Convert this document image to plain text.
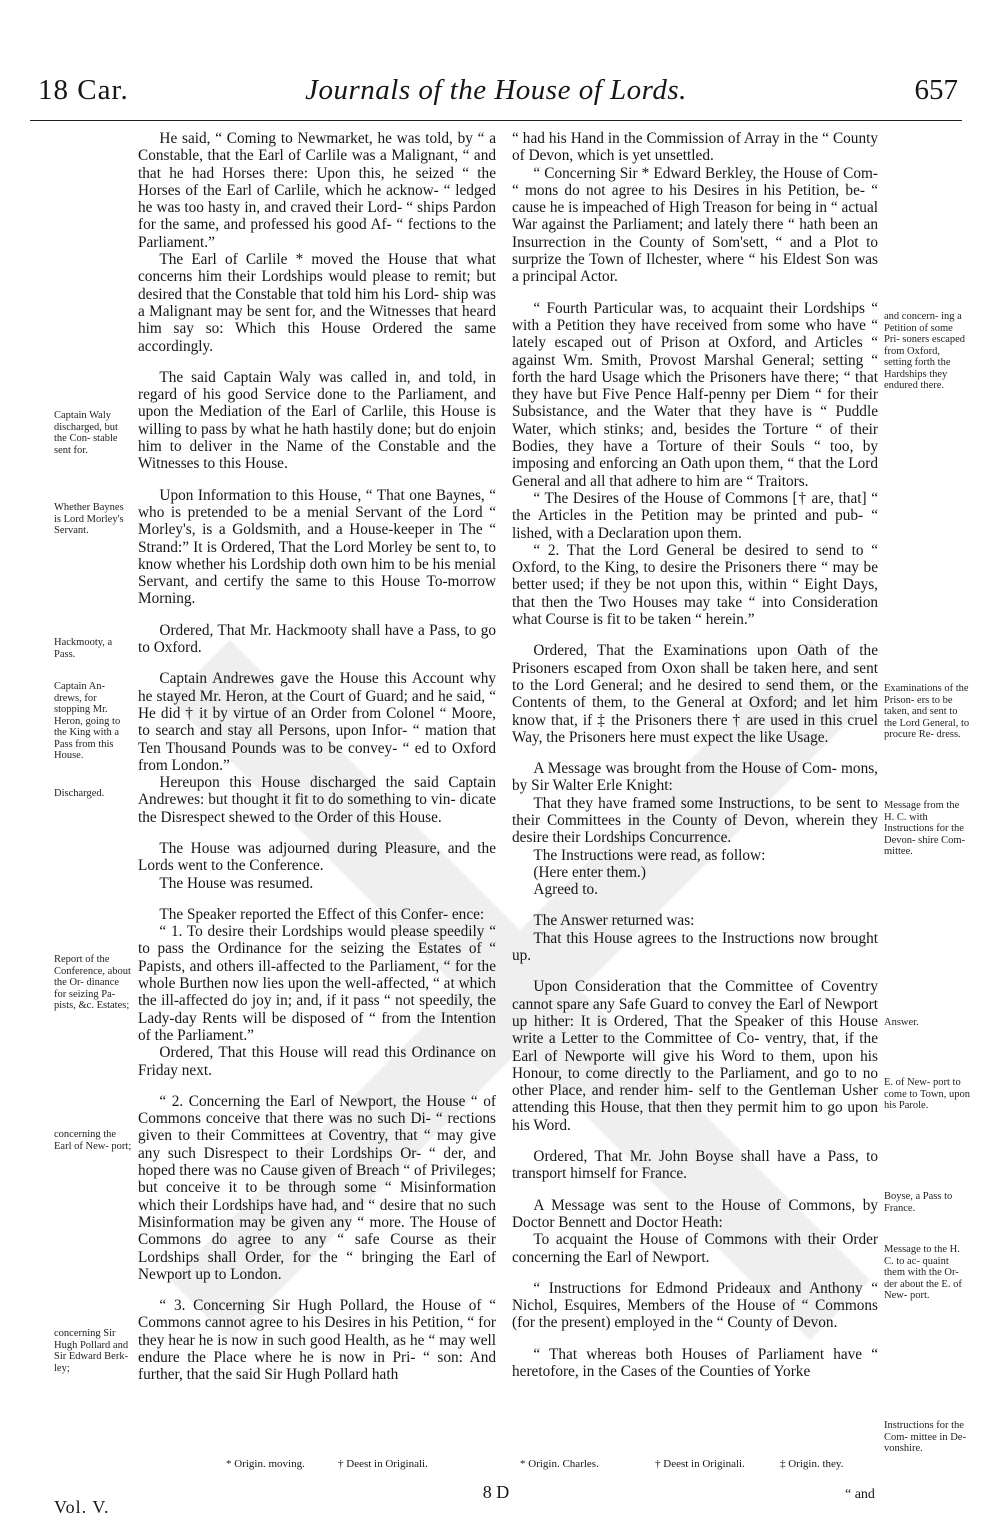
18 Car.	Journals of the House of Lords.	657

He said, “ Coming to Newmarket, he was told, by “ a Constable, that the Earl of Carlile was a Malignant, “ and that he had Horses there: Upon this, he seized “ the Horses of the Earl of Carlile, which he acknow- “ ledged he was too hasty in, and craved their Lord- “ ships Pardon for the same, and professed his good Af- “ fections to the Parliament.”

The Earl of Carlile * moved the House that what concerns him their Lordships would please to remit; but desired that the Constable that told him his Lord- ship was a Malignant may be sent for, and the Witnesses that heard him say so: Which this House Ordered the same accordingly.

The said Captain Waly was called in, and told, in regard of his good Service done to the Parliament, and upon the Mediation of the Earl of Carlile, this House is willing to pass by what he hath hastily done; but do enjoin him to deliver in the Name of the Constable and the Witnesses to this House.

Upon Information to this House, “ That one Baynes, “ who is pretended to be a menial Servant of the Lord “ Morley's, is a Goldsmith, and a House-keeper in The “ Strand:” It is Ordered, That the Lord Morley be sent to, to know whether his Lordship doth own him to be his menial Servant, and certify the same to this House To-morrow Morning.

Ordered, That Mr. Hackmooty shall have a Pass, to go to Oxford.

Captain Andrewes gave the House this Account why he stayed Mr. Heron, at the Court of Guard; and he said, “ He did † it by virtue of an Order from Colonel “ Moore, to search and stay all Persons, upon Infor- “ mation that Ten Thousand Pounds was to be convey- “ ed to Oxford from London.”

Hereupon this House discharged the said Captain Andrewes: but thought it fit to do something to vin- dicate the Disrespect shewed to the Order of this House.

The House was adjourned during Pleasure, and the Lords went to the Conference.

The House was resumed.

The Speaker reported the Effect of this Confer- ence:

“ 1. To desire their Lordships would please speedily “ to pass the Ordinance for the seizing the Estates of “ Papists, and others ill-affected to the Parliament, “ for the whole Burthen now lies upon the well-affected, “ at which the ill-affected do joy in; and, if it pass “ not speedily, the Lady-day Rents will be disposed of “ from the Intention of the Parliament.”

Ordered, That this House will read this Ordinance on Friday next.

“ 2. Concerning the Earl of Newport, the House “ of Commons conceive that there was no such Di- “ rections given to their Committees at Coventry, that “ may give any such Disrespect to their Lordships Or- “ der, and hoped there was no Cause given of Breach “ of Privileges; but conceive it to be through some “ Misinformation which their Lordships have had, and “ desire that no such Misinformation may be given any “ more. The House of Commons do agree to any “ safe Course as their Lordships shall Order, for the “ bringing the Earl of Newport up to London.

“ 3. Concerning Sir Hugh Pollard, the House of “ Commons cannot agree to his Desires in his Petition, “ for they hear he is now in such good Health, as he “ may well endure the Place where he is now in Pri- “ son: And further, that the said Sir Hugh Pollard hath

“ had his Hand in the Commission of Array in the “ County of Devon, which is yet unsettled.

“ Concerning Sir * Edward Berkley, the House of Com- “ mons do not agree to his Desires in his Petition, be- “ cause he is impeached of High Treason for being in “ actual War against the Parliament; and lately there “ hath been an Insurrection in the County of Som'sett, “ and a Plot to surprize the Town of Ilchester, where “ his Eldest Son was a principal Actor.

“ Fourth Particular was, to acquaint their Lordships “ with a Petition they have received from some who have “ lately escaped out of Prison at Oxford, and Articles “ against Wm. Smith, Provost Marshal General; setting “ forth the hard Usage which the Prisoners have there; “ that they have but Five Pence Half-penny per Diem “ for their Subsistance, and the Water that they have is “ Puddle Water, which stinks; and, besides the Torture “ of their Bodies, they have a Torture of their Souls “ too, by imposing and enforcing an Oath upon them, “ that the Lord General and all that adhere to him are “ Traitors.

“ The Desires of the House of Commons [† are, that] “ the Articles in the Petition may be printed and pub- “ lished, with a Declaration upon them.

“ 2. That the Lord General be desired to send to “ Oxford, to the King, to desire the Prisoners there “ may be better used; if they be not upon this, within “ Eight Days, that then the Two Houses may take “ into Consideration what Course is fit to be taken “ herein.”

Ordered, That the Examinations upon Oath of the Prisoners escaped from Oxon shall be taken here, and sent to the Lord General; and he desired to send them, or the Contents of them, to the General at Oxford; and let him know that, if ‡ the Prisoners there † are used in this cruel Way, the Prisoners here must expect the like Usage.

A Message was brought from the House of Com- mons, by Sir Walter Erle Knight:

That they have framed some Instructions, to be sent to their Committees in the County of Devon, wherein they desire their Lordships Concurrence.

The Instructions were read, as follow:

(Here enter them.)

Agreed to.

The Answer returned was:

That this House agrees to the Instructions now brought up.

Upon Consideration that the Committee of Coventry cannot spare any Safe Guard to convey the Earl of Newport up hither: It is Ordered, That the Speaker of this House write a Letter to the Committee of Co- ventry, that, if the Earl of Newporte will give his Word to them, upon his Honour, to come directly to the Parliament, and go to no other Place, and render him- self to the Gentleman Usher attending this House, that then they permit him to go upon his Word.

Ordered, That Mr. John Boyse shall have a Pass, to transport himself for France.

A Message was sent to the House of Commons, by Doctor Bennett and Doctor Heath:

To acquaint the House of Commons with their Order concerning the Earl of Newport.

“ Instructions for Edmond Prideaux and Anthony “ Nichol, Esquires, Members of the House of “ Commons (for the present) employed in the “ County of Devon.

“ That whereas both Houses of Parliament have “ heretofore, in the Cases of the Counties of Yorke

Captain Waly discharged, but the Con- stable sent for.
Whether Baynes is Lord Morley's Servant.
Hackmooty, a Pass.
Captain An- drews, for stopping Mr. Heron, going to the King with a Pass from this House.
Discharged.
Report of the Conference, about the Or- dinance for seizing Pa- pists, &c. Estates;
concerning the Earl of New- port;
concerning Sir Hugh Pollard and Sir Edward Berk- ley;
and concern- ing a Petition of some Pri- soners escaped from Oxford, setting forth the Hardships they endured there.
Examinations of the Prison- ers to be taken, and sent to the Lord General, to procure Re- dress.
Message from the H. C. with Instructions for the Devon- shire Com- mittee.
Answer.
E. of New- port to come to Town, upon his Parole.
Boyse, a Pass to France.
Message to the H. C. to ac- quaint them with the Or- der about the E. of New- port.
Instructions for the Com- mittee in De- vonshire.
* Origin. moving.	† Deest in Originali.	* Origin. Charles.	† Deest in Originali.	‡ Origin. they.
Vol. V.
8 D	“ and
